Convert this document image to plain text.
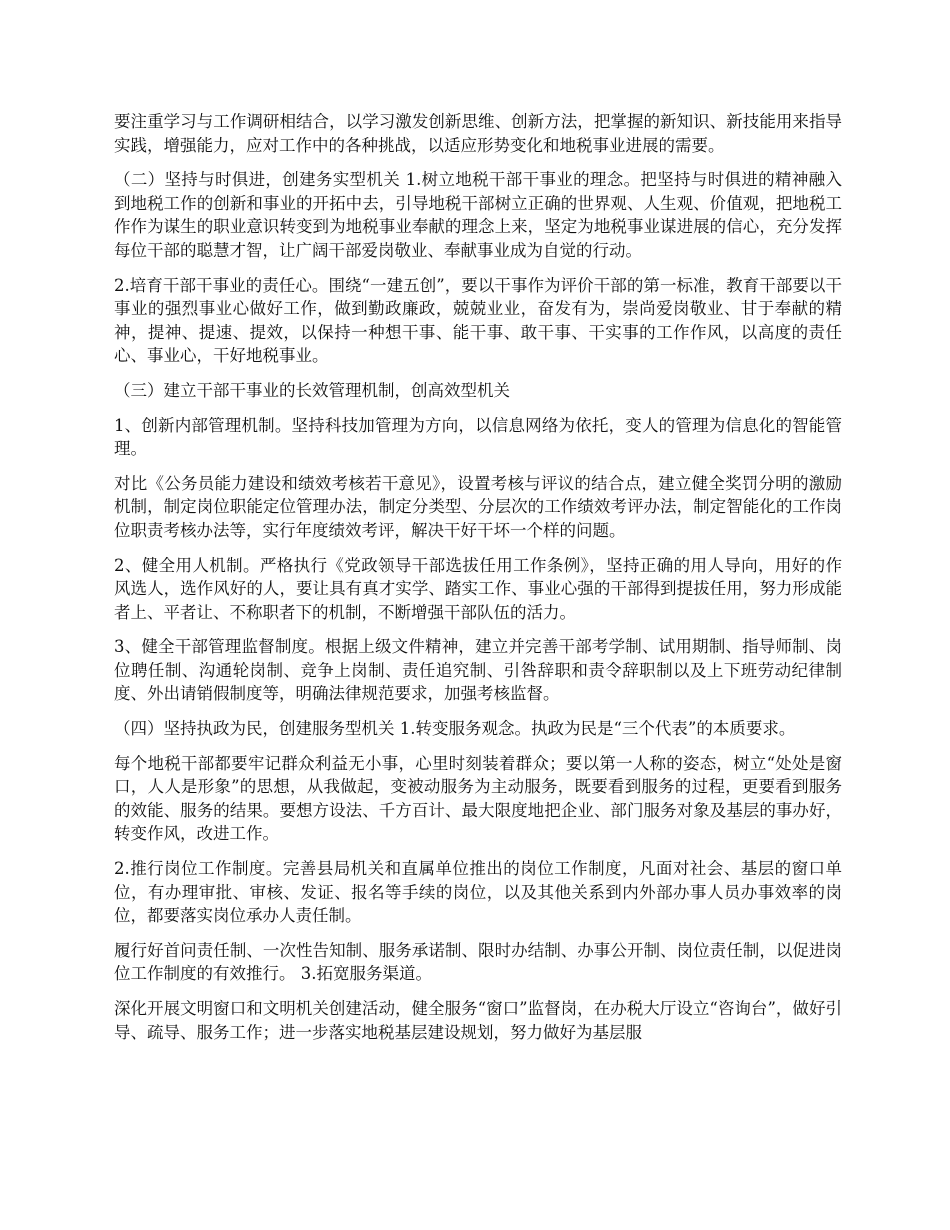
要注重学习与工作调研相结合，以学习激发创新思维、创新方法，把掌握的新知识、新技能用来指导实践，增强能力，应对工作中的各种挑战，以适应形势变化和地税事业进展的需要。

（二）坚持与时俱进，创建务实型机关 1.树立地税干部干事业的理念。把坚持与时俱进的精神融入到地税工作的创新和事业的开拓中去，引导地税干部树立正确的世界观、人生观、价值观，把地税工作作为谋生的职业意识转变到为地税事业奉献的理念上来，坚定为地税事业谋进展的信心，充分发挥每位干部的聪慧才智，让广阔干部爱岗敬业、奉献事业成为自觉的行动。

2.培育干部干事业的责任心。围绕“一建五创”，要以干事作为评价干部的第一标准，教育干部要以干事业的强烈事业心做好工作，做到勤政廉政，兢兢业业，奋发有为，崇尚爱岗敬业、甘于奉献的精神，提神、提速、提效，以保持一种想干事、能干事、敢干事、干实事的工作作风，以高度的责任心、事业心，干好地税事业。

（三）建立干部干事业的长效管理机制，创高效型机关

1、创新内部管理机制。坚持科技加管理为方向，以信息网络为依托，变人的管理为信息化的智能管理。

对比《公务员能力建设和绩效考核若干意见》，设置考核与评议的结合点，建立健全奖罚分明的激励机制，制定岗位职能定位管理办法，制定分类型、分层次的工作绩效考评办法，制定智能化的工作岗位职责考核办法等，实行年度绩效考评，解决干好干坏一个样的问题。

2、健全用人机制。严格执行《党政领导干部选拔任用工作条例》，坚持正确的用人导向，用好的作风选人，选作风好的人，要让具有真才实学、踏实工作、事业心强的干部得到提拔任用，努力形成能者上、平者让、不称职者下的机制，不断增强干部队伍的活力。

3、健全干部管理监督制度。根据上级文件精神，建立并完善干部考学制、试用期制、指导师制、岗位聘任制、沟通轮岗制、竞争上岗制、责任追究制、引咎辞职和责令辞职制以及上下班劳动纪律制度、外出请销假制度等，明确法律规范要求，加强考核监督。

（四）坚持执政为民，创建服务型机关 1.转变服务观念。执政为民是“三个代表”的本质要求。

每个地税干部都要牢记群众利益无小事，心里时刻装着群众；要以第一人称的姿态，树立“处处是窗口，人人是形象”的思想，从我做起，变被动服务为主动服务，既要看到服务的过程，更要看到服务的效能、服务的结果。要想方设法、千方百计、最大限度地把企业、部门服务对象及基层的事办好，转变作风，改进工作。

2.推行岗位工作制度。完善县局机关和直属单位推出的岗位工作制度，凡面对社会、基层的窗口单位，有办理审批、审核、发证、报名等手续的岗位，以及其他关系到内外部办事人员办事效率的岗位，都要落实岗位承办人责任制。

履行好首问责任制、一次性告知制、服务承诺制、限时办结制、办事公开制、岗位责任制，以促进岗位工作制度的有效推行。 3.拓宽服务渠道。

深化开展文明窗口和文明机关创建活动，健全服务“窗口”监督岗，在办税大厅设立“咨询台”，做好引导、疏导、服务工作；进一步落实地税基层建设规划，努力做好为基层服
